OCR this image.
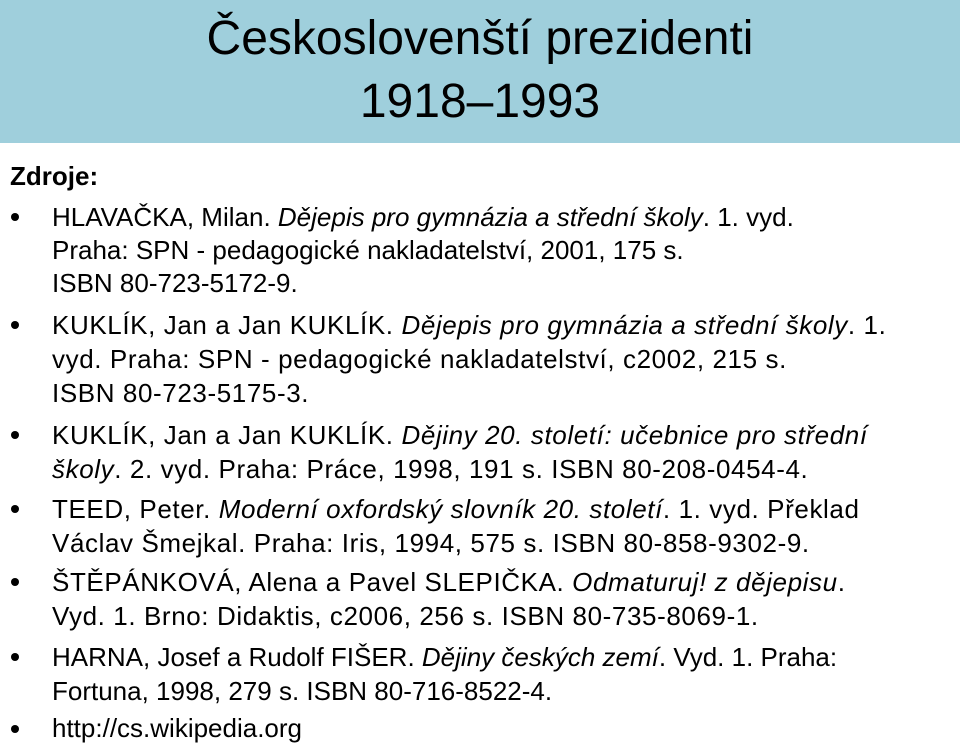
Českoslovenští prezidenti
1918–1993
Zdroje:
HLAVAČKA, Milan. Dějepis pro gymnázia a střední školy. 1. vyd.
Praha: SPN - pedagogické nakladatelství, 2001, 175 s.
ISBN 80-723-5172-9.
KUKLÍK, Jan a Jan KUKLÍK. Dějepis pro gymnázia a střední školy. 1.
vyd. Praha: SPN - pedagogické nakladatelství, c2002, 215 s.
ISBN 80-723-5175-3.
KUKLÍK, Jan a Jan KUKLÍK. Dějiny 20. století: učebnice pro střední
školy. 2. vyd. Praha: Práce, 1998, 191 s. ISBN 80-208-0454-4.
TEED, Peter. Moderní oxfordský slovník 20. století. 1. vyd. Překlad
Václav Šmejkal. Praha: Iris, 1994, 575 s. ISBN 80-858-9302-9.
ŠTĚPÁNKOVÁ, Alena a Pavel SLEPIČKA. Odmaturuj! z dějepisu.
Vyd. 1. Brno: Didaktis, c2006, 256 s. ISBN 80-735-8069-1.
HARNA, Josef a Rudolf FIŠER. Dějiny českých zemí. Vyd. 1. Praha:
Fortuna, 1998, 279 s. ISBN 80-716-8522-4.
http://cs.wikipedia.org
